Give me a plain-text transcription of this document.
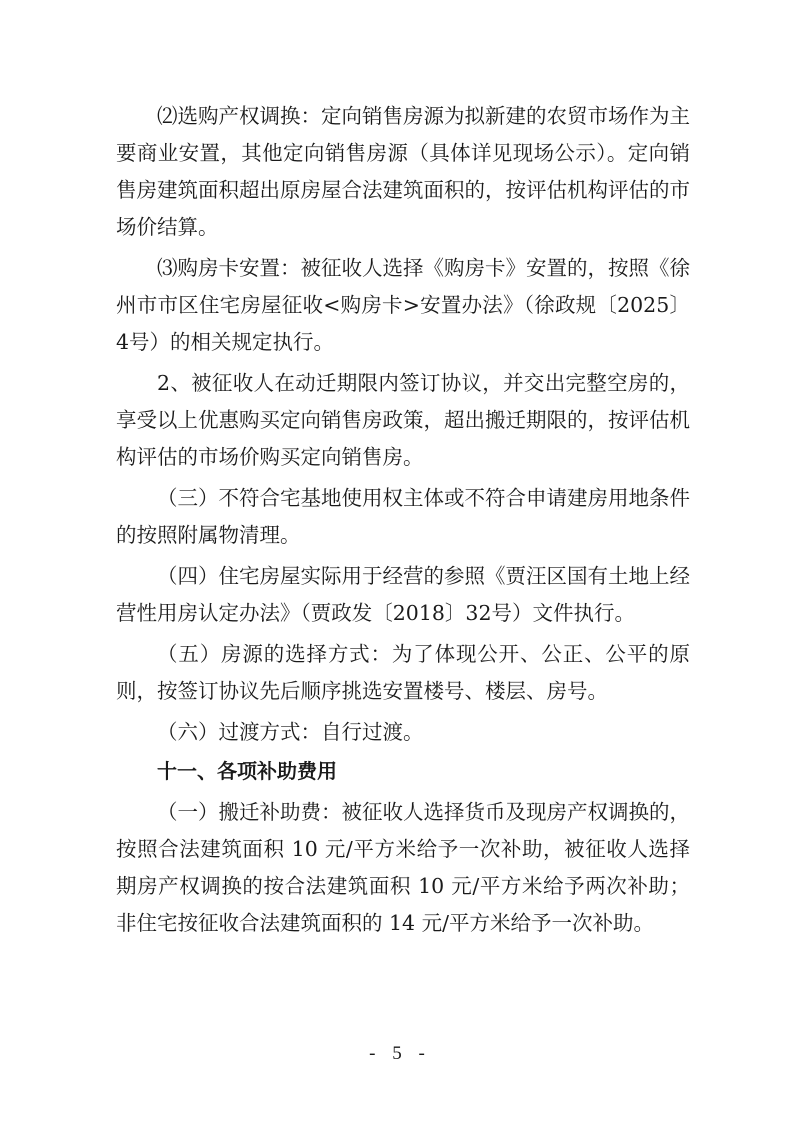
⑵选购产权调换：定向销售房源为拟新建的农贸市场作为主要商业安置，其他定向销售房源（具体详见现场公示）。定向销售房建筑面积超出原房屋合法建筑面积的，按评估机构评估的市场价结算。

⑶购房卡安置：被征收人选择《购房卡》安置的，按照《徐州市市区住宅房屋征收<购房卡>安置办法》（徐政规〔2025〕4号）的相关规定执行。

2、被征收人在动迁期限内签订协议，并交出完整空房的，享受以上优惠购买定向销售房政策，超出搬迁期限的，按评估机构评估的市场价购买定向销售房。

（三）不符合宅基地使用权主体或不符合申请建房用地条件的按照附属物清理。

（四）住宅房屋实际用于经营的参照《贾汪区国有土地上经营性用房认定办法》（贾政发〔2018〕32号）文件执行。

（五）房源的选择方式：为了体现公开、公正、公平的原则，按签订协议先后顺序挑选安置楼号、楼层、房号。

（六）过渡方式：自行过渡。

十一、各项补助费用

（一）搬迁补助费：被征收人选择货币及现房产权调换的，按照合法建筑面积 10 元/平方米给予一次补助，被征收人选择期房产权调换的按合法建筑面积 10 元/平方米给予两次补助；非住宅按征收合法建筑面积的 14 元/平方米给予一次补助。

- 5 -
